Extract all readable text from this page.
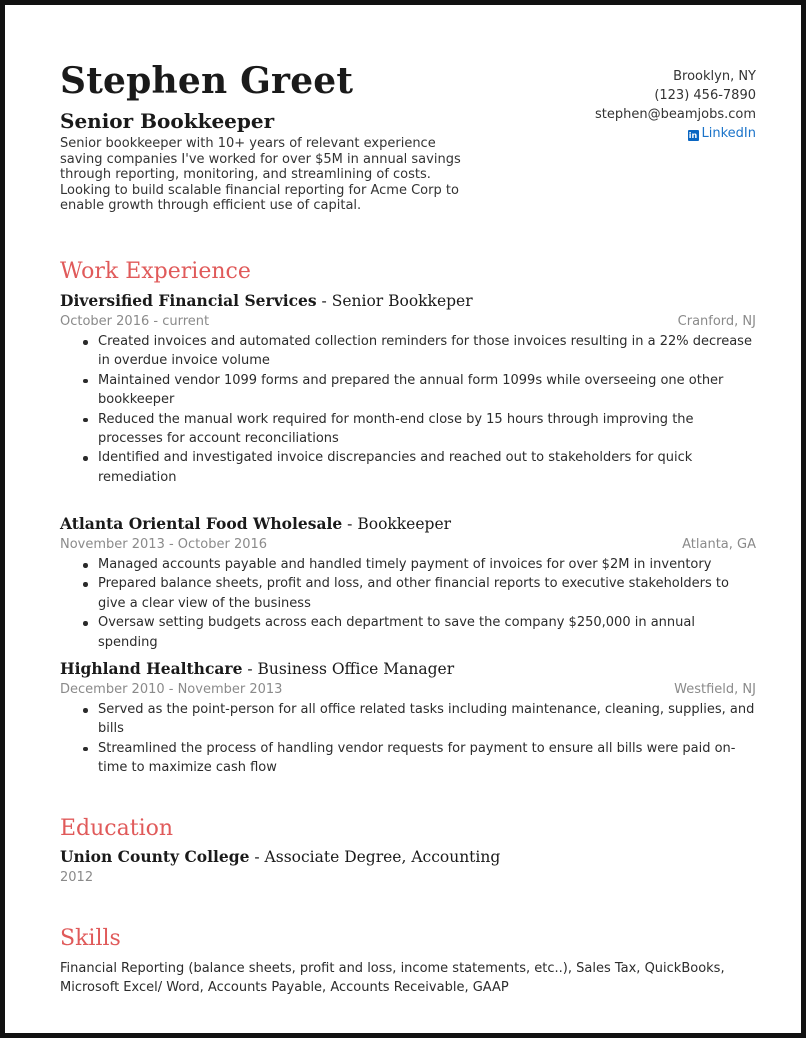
Stephen Greet
Senior Bookkeeper
Senior bookkeeper with 10+ years of relevant experience saving companies I've worked for over $5M in annual savings through reporting, monitoring, and streamlining of costs. Looking to build scalable financial reporting for Acme Corp to enable growth through efficient use of capital.
Brooklyn, NY
(123) 456-7890
stephen@beamjobs.com
in LinkedIn
Work Experience
Diversified Financial Services - Senior Bookkeper
October 2016 - current	Cranford, NJ
Created invoices and automated collection reminders for those invoices resulting in a 22% decrease in overdue invoice volume
Maintained vendor 1099 forms and prepared the annual form 1099s while overseeing one other bookkeeper
Reduced the manual work required for month-end close by 15 hours through improving the processes for account reconciliations
Identified and investigated invoice discrepancies and reached out to stakeholders for quick remediation
Atlanta Oriental Food Wholesale - Bookkeeper
November 2013 - October 2016	Atlanta, GA
Managed accounts payable and handled timely payment of invoices for over $2M in inventory
Prepared balance sheets, profit and loss, and other financial reports to executive stakeholders to give a clear view of the business
Oversaw setting budgets across each department to save the company $250,000 in annual spending
Highland Healthcare - Business Office Manager
December 2010 - November 2013	Westfield, NJ
Served as the point-person for all office related tasks including maintenance, cleaning, supplies, and bills
Streamlined the process of handling vendor requests for payment to ensure all bills were paid on-time to maximize cash flow
Education
Union County College - Associate Degree, Accounting
2012
Skills
Financial Reporting (balance sheets, profit and loss, income statements, etc..), Sales Tax, QuickBooks, Microsoft Excel/ Word, Accounts Payable, Accounts Receivable, GAAP
